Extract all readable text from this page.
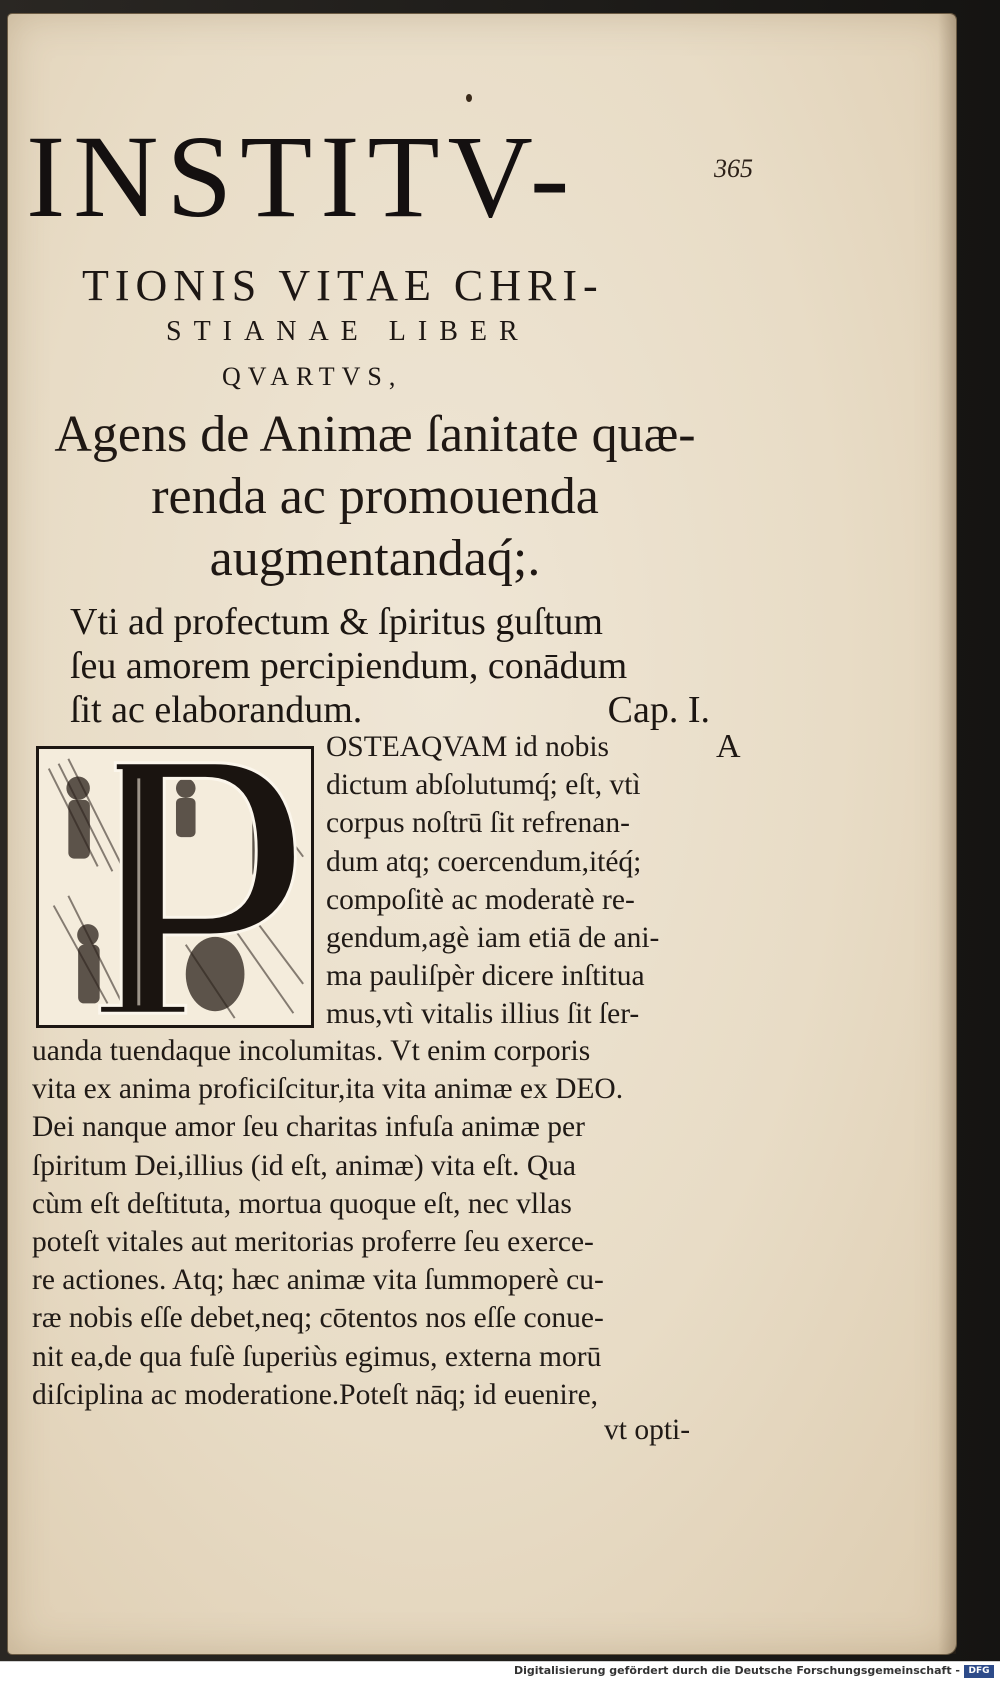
365
INSTITV-
TIONIS VITAE CHRI-
STIANAE LIBER
QVARTVS,
Agens de Animæ ſanitate quæ-
renda ac promouenda
augmentandaq́;.
Vti ad profectum & ſpiritus guſtum
ſeu amorem percipiendum, conādum
ſit ac elaborandum.	Cap. I.
A
OSTEAQVAM id nobis
dictum abſolutumq́; eſt, vtì
corpus noſtrū ſit refrenan-
dum atq; coercendum,itéq́;
compoſitè ac moderatè re-
gendum,agè iam etiā de ani-
ma pauliſpèr dicere inſtitua
mus,vtì vitalis illius ſit ſer-
uanda tuendaque incolumitas. Vt enim corporis
vita ex anima proficiſcitur,ita vita animæ ex DEO.
Dei nanque amor ſeu charitas infuſa animæ per
ſpiritum Dei,illius (id eſt, animæ) vita eſt. Qua
cùm eſt deſtituta, mortua quoque eſt, nec vllas
poteſt vitales aut meritorias proferre ſeu exerce-
re actiones. Atq; hæc animæ vita ſummoperè cu-
ræ nobis eſſe debet,neq; cōtentos nos eſſe conue-
nit ea,de qua fuſè ſuperiùs egimus, externa morū
diſciplina ac moderatione.Poteſt nāq; id euenire,
vt opti-
Digitalisierung gefördert durch die Deutsche Forschungsgemeinschaft - DFG
